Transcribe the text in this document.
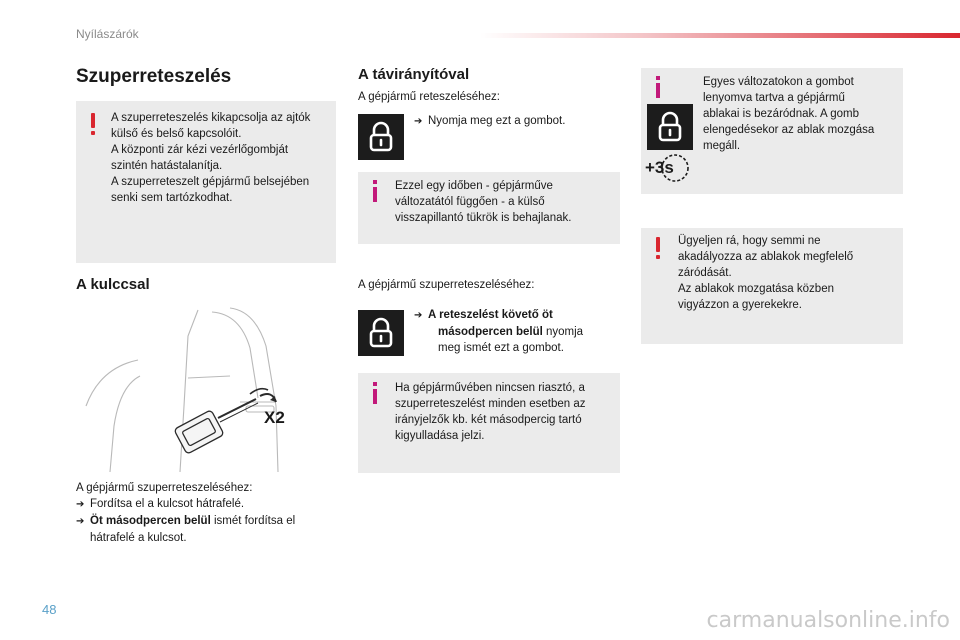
Nyílászárók
Szuperreteszelés
A szuperreteszelés kikapcsolja az ajtók
külső és belső kapcsolóit.
A központi zár kézi vezérlőgombját
szintén hatástalanítja.
A szuperreteszelt gépjármű belsejében
senki sem tartózkodhat.
A kulccsal
X2
A gépjármű szuperreteszeléséhez:
➔ Fordítsa el a kulcsot hátrafelé.
➔ Öt másodpercen belül ismét fordítsa el
hátrafelé a kulcsot.
A távirányítóval
A gépjármű reteszeléséhez:
➔ Nyomja meg ezt a gombot.
Ezzel egy időben - gépjárműve
változatától függően - a külső
visszapillantó tükrök is behajlanak.
A gépjármű szuperreteszeléséhez:
➔ A reteszelést követő öt
másodpercen belül nyomja
meg ismét ezt a gombot.
Ha gépjárművében nincsen riasztó, a
szuperreteszelést minden esetben az
irányjelzők kb. két másodpercig tartó
kigyulladása jelzi.
+3s
Egyes változatokon a gombot
lenyomva tartva a gépjármű
ablakai is bezáródnak. A gomb
elengedésekor az ablak mozgása
megáll.
Ügyeljen rá, hogy semmi ne
akadályozza az ablakok megfelelő
záródását.
Az ablakok mozgatása közben
vigyázzon a gyerekekre.
48	carmanualsonline.info
